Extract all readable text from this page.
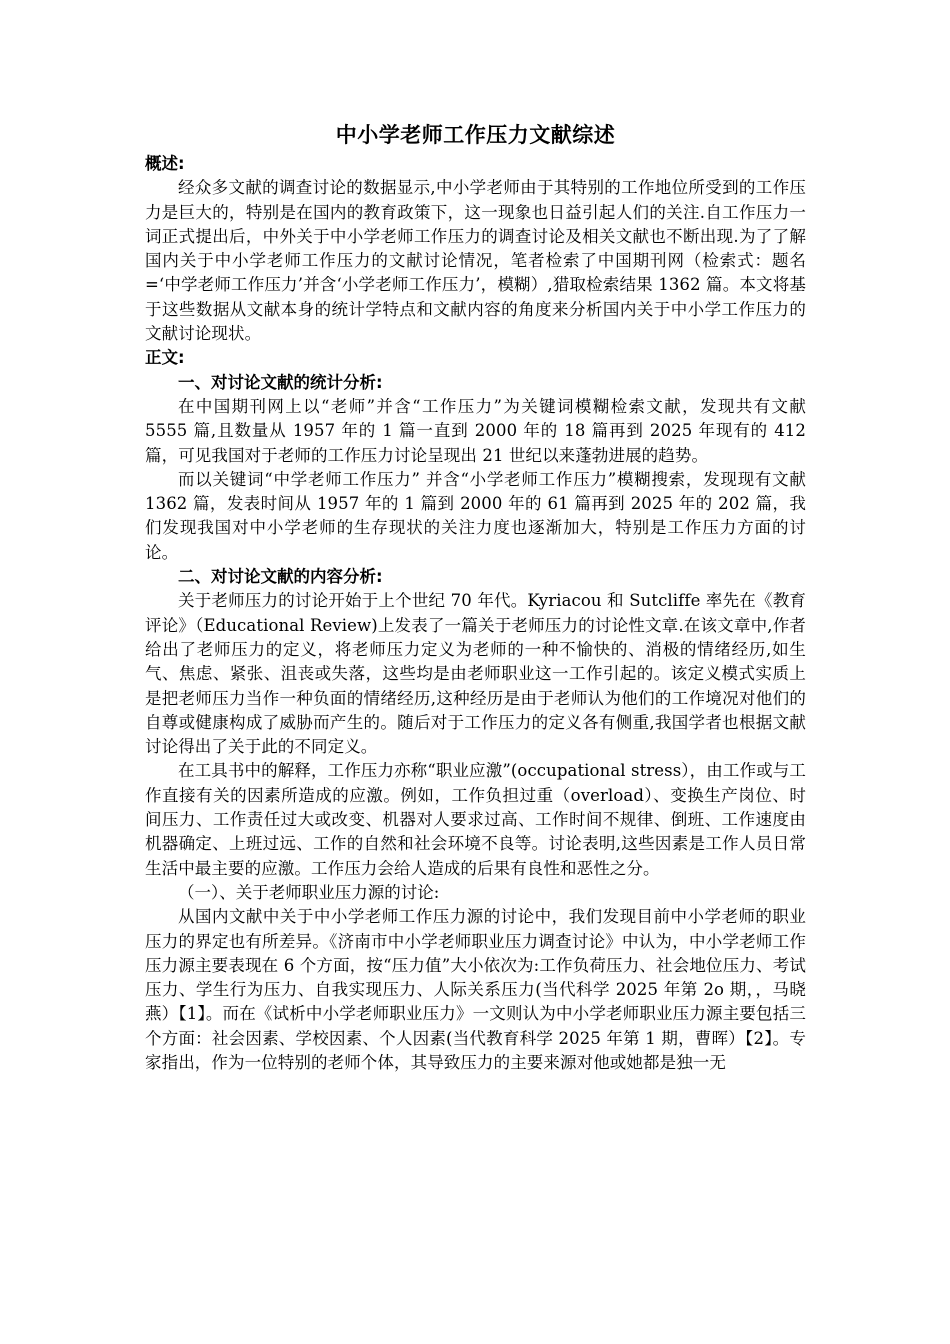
中小学老师工作压力文献综述

概述:

经众多文献的调查讨论的数据显示,中小学老师由于其特别的工作地位所受到的工作压力是巨大的，特别是在国内的教育政策下，这一现象也日益引起人们的关注.自工作压力一词正式提出后，中外关于中小学老师工作压力的调查讨论及相关文献也不断出现.为了了解国内关于中小学老师工作压力的文献讨论情况，笔者检索了中国期刊网（检索式：题名=‘中学老师工作压力’并含‘小学老师工作压力’，模糊）,猎取检索结果 1362 篇。本文将基于这些数据从文献本身的统计学特点和文献内容的角度来分析国内关于中小学工作压力的文献讨论现状。

正文:

一、对讨论文献的统计分析:

在中国期刊网上以“老师”并含“工作压力”为关键词模糊检索文献，发现共有文献 5555 篇,且数量从 1957 年的 1 篇一直到 2000 年的 18 篇再到 2025 年现有的 412 篇，可见我国对于老师的工作压力讨论呈现出 21 世纪以来蓬勃进展的趋势。

而以关键词“中学老师工作压力” 并含“小学老师工作压力”模糊搜索，发现现有文献 1362 篇，发表时间从 1957 年的 1 篇到 2000 年的 61 篇再到 2025 年的 202 篇，我们发现我国对中小学老师的生存现状的关注力度也逐渐加大，特别是工作压力方面的讨论。

二、对讨论文献的内容分析:

关于老师压力的讨论开始于上个世纪 70 年代。Kyriacou 和 Sutcliffe 率先在《教育评论》（Educational Review)上发表了一篇关于老师压力的讨论性文章.在该文章中,作者给出了老师压力的定义，将老师压力定义为老师的一种不愉快的、消极的情绪经历,如生气、焦虑、紧张、沮丧或失落，这些均是由老师职业这一工作引起的。该定义模式实质上是把老师压力当作一种负面的情绪经历,这种经历是由于老师认为他们的工作境况对他们的自尊或健康构成了威胁而产生的。随后对于工作压力的定义各有侧重,我国学者也根据文献讨论得出了关于此的不同定义。

在工具书中的解释，工作压力亦称“职业应激”(occupational stress），由工作或与工作直接有关的因素所造成的应激。例如，工作负担过重（overload）、变换生产岗位、时间压力、工作责任过大或改变、机器对人要求过高、工作时间不规律、倒班、工作速度由机器确定、上班过远、工作的自然和社会环境不良等。讨论表明,这些因素是工作人员日常生活中最主要的应激。工作压力会给人造成的后果有良性和恶性之分。

（一）、关于老师职业压力源的讨论:

从国内文献中关于中小学老师工作压力源的讨论中，我们发现目前中小学老师的职业压力的界定也有所差异。《济南市中小学老师职业压力调查讨论》中认为，中小学老师工作压力源主要表现在 6 个方面，按“压力值”大小依次为:工作负荷压力、社会地位压力、考试压力、学生行为压力、自我实现压力、人际关系压力(当代科学 2025 年第 2o 期，，马晓燕）【1】。而在《试析中小学老师职业压力》一文则认为中小学老师职业压力源主要包括三个方面：社会因素、学校因素、个人因素(当代教育科学 2025 年第 1 期，曹晖）【2】。专家指出，作为一位特别的老师个体，其导致压力的主要来源对他或她都是独一无
